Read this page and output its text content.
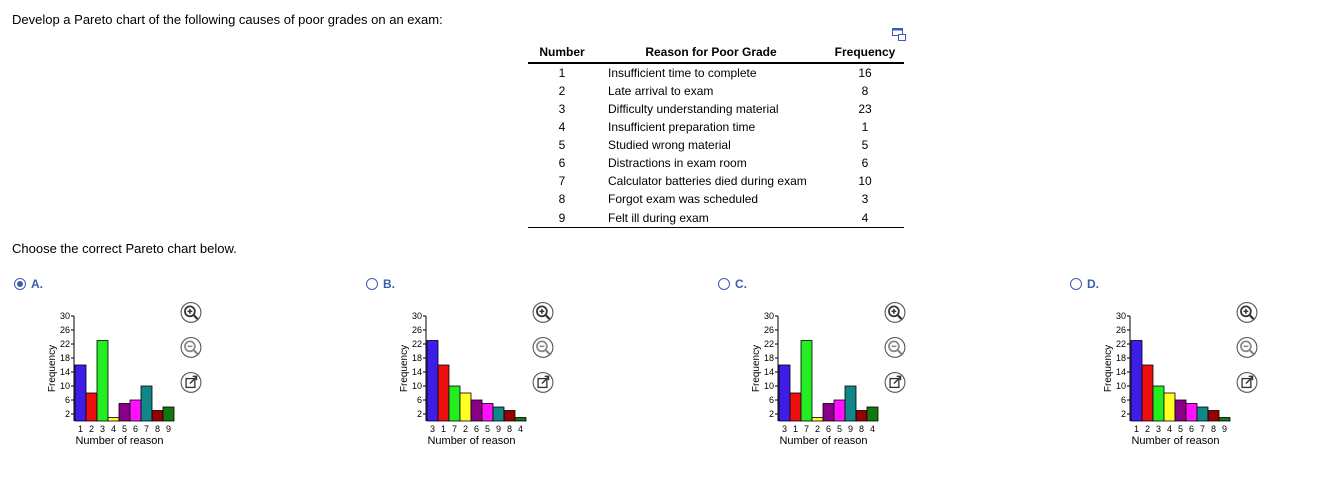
Develop a Pareto chart of the following causes of poor grades on an exam:
Number	Reason for Poor Grade	Frequency
1	Insufficient time to complete	16
2	Late arrival to exam	8
3	Difficulty understanding material	23
4	Insufficient preparation time	1
5	Studied wrong material	5
6	Distractions in exam room	6
7	Calculator batteries died during exam	10
8	Forgot exam was scheduled	3
9	Felt ill during exam	4
Choose the correct Pareto chart below.
A.
2
6
10
14
18
22
26
30
1 2 3 4 5 6 7 8 9
Number of reason
Frequency
B.
2
6
10
14
18
22
26
30
3 1 7 2 6 5 9 8 4
Number of reason
Frequency
C.
2
6
10
14
18
22
26
30
3 1 7 2 6 5 9 8 4
Number of reason
Frequency
D.
2
6
10
14
18
22
26
30
1 2 3 4 5 6 7 8 9
Number of reason
Frequency
